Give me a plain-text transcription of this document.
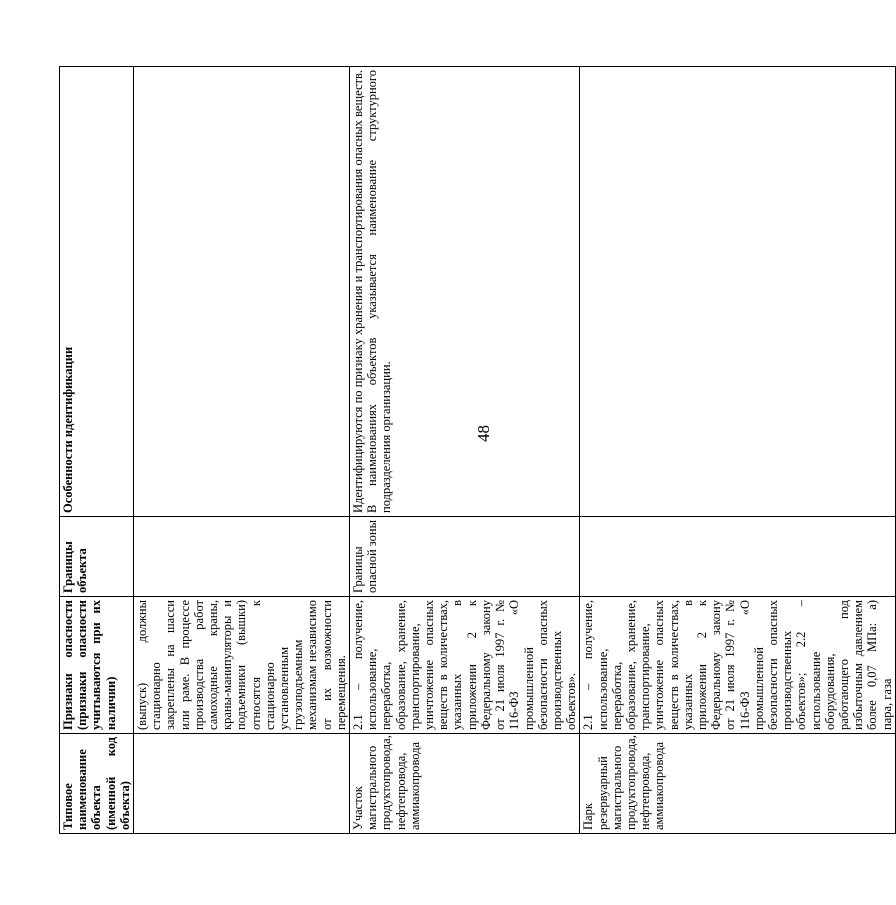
48
Типовое наименование объекта (именной код объекта)	Признаки опасности (признаки опасности учитываются при их наличии)	Границы объекта	Особенности идентификации
	(выпуск) должны стационарно закреплены на шасси или раме. В процессе производства работ самоходные краны, краны-манипуляторы и подъемники (вышки) относятся к стационарно установленным грузоподъемным механизмам независимо от их возможности перемещения.		
Участок магистрального продуктопровода, нефтепровода, аммиакопровода	2.1 – получение, использование, переработка, образование, хранение, транспортирование, уничтожение опасных веществ в количествах, указанных в приложении 2 к Федеральному закону от 21 июля 1997 г. № 116-ФЗ «О промышленной безопасности опасных производственных объектов».	Границы опасной зоны	Идентифицируются по признаку хранения и транспортирования опасных веществ. В наименованиях объектов указывается наименование структурного подразделения организации.
Парк резервуарный магистрального продуктопровода, нефтепровода, аммиакопровода	2.1 – получение, использование, переработка, образование, хранение, транспортирование, уничтожение опасных веществ в количествах, указанных в приложении 2 к Федеральному закону от 21 июля 1997 г. № 116-ФЗ «О промышленной безопасности опасных производственных объектов»; 2.2 – использование оборудования, работающего под избыточным давлением более 0,07 МПа: а) пара, газа		
